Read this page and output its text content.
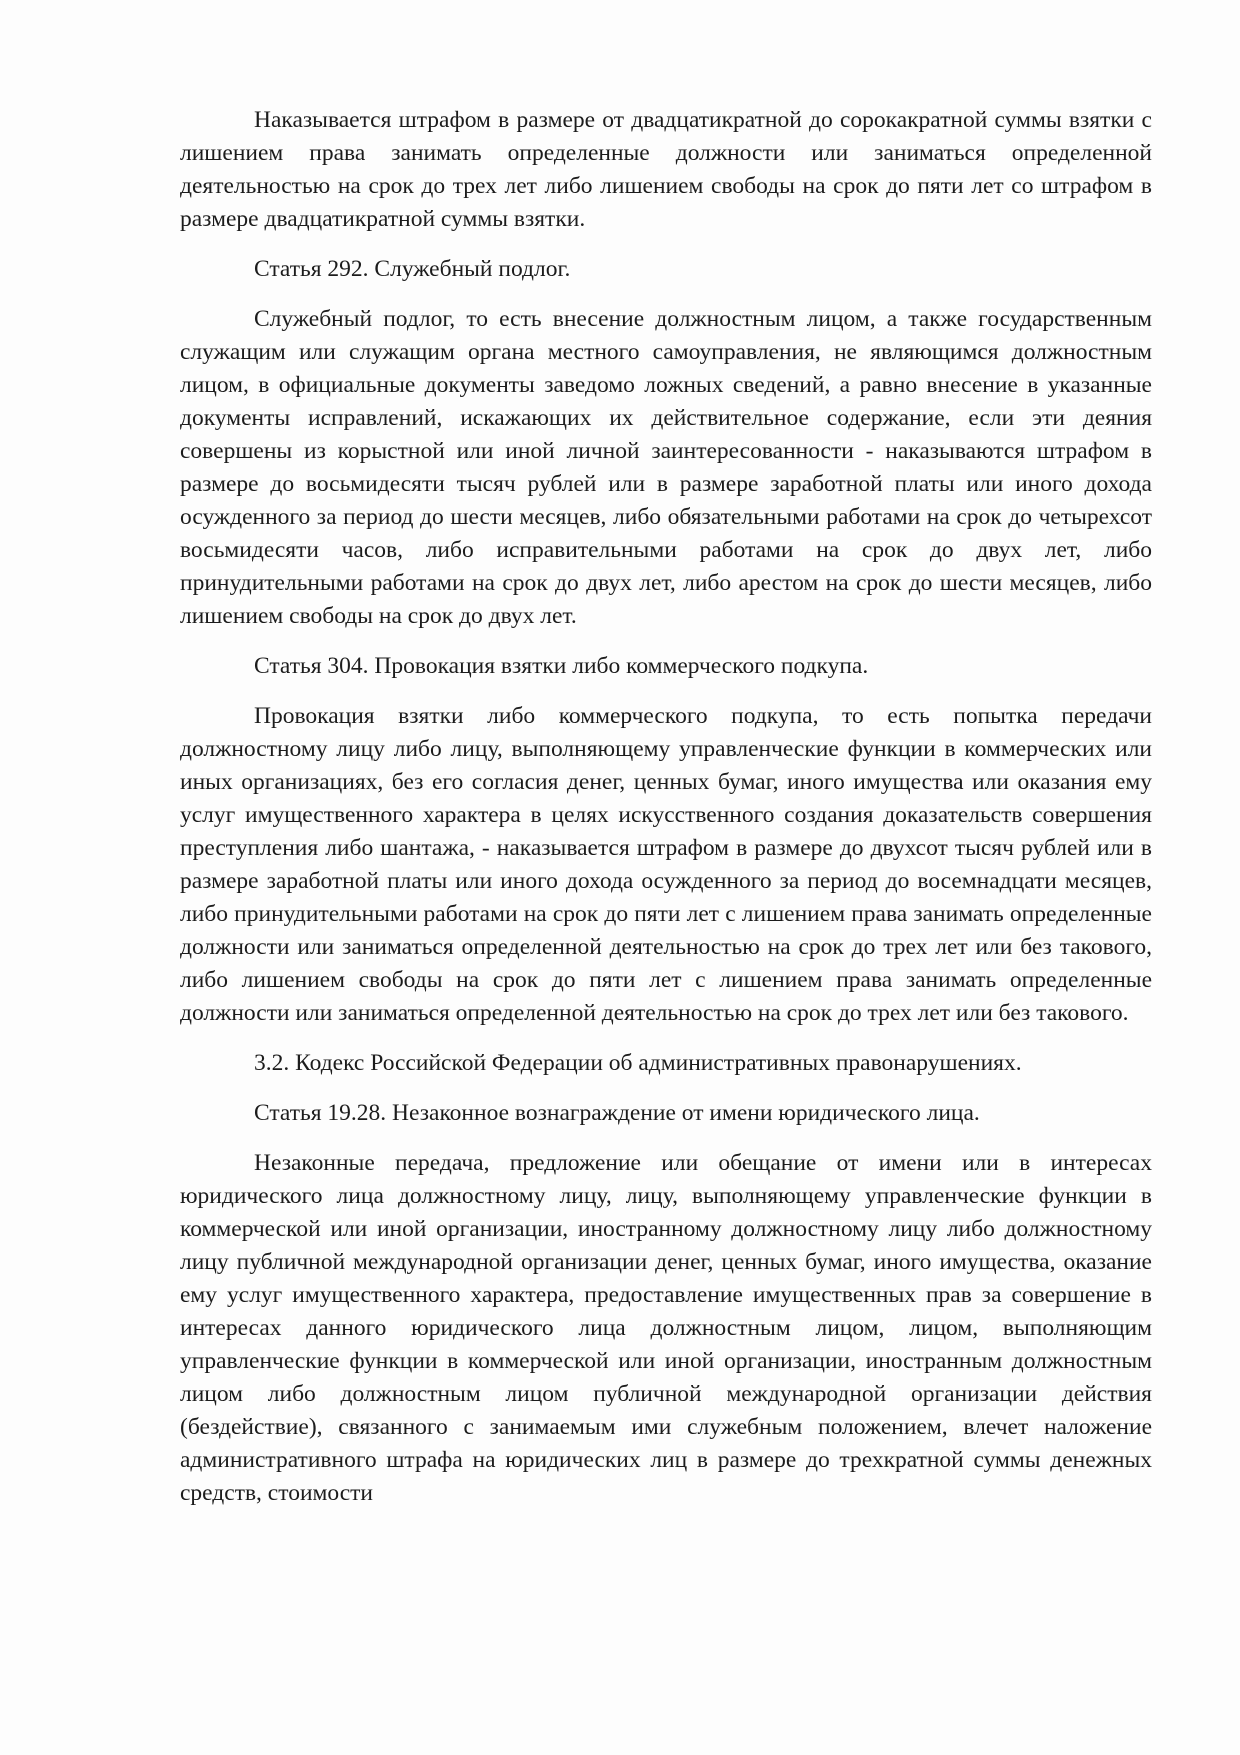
Наказывается штрафом в размере от двадцатикратной до сорокакратной суммы взятки с лишением права занимать определенные должности или заниматься определенной деятельностью на срок до трех лет либо лишением свободы на срок до пяти лет со штрафом в размере двадцатикратной суммы взятки.

Статья 292. Служебный подлог.

Служебный подлог, то есть внесение должностным лицом, а также государственным служащим или служащим органа местного самоуправления, не являющимся должностным лицом, в официальные документы заведомо ложных сведений, а равно внесение в указанные документы исправлений, искажающих их действительное содержание, если эти деяния совершены из корыстной или иной личной заинтересованности - наказываются штрафом в размере до восьмидесяти тысяч рублей или в размере заработной платы или иного дохода осужденного за период до шести месяцев, либо обязательными работами на срок до четырехсот восьмидесяти часов, либо исправительными работами на срок до двух лет, либо принудительными работами на срок до двух лет, либо арестом на срок до шести месяцев, либо лишением свободы на срок до двух лет.

Статья 304. Провокация взятки либо коммерческого подкупа.

Провокация взятки либо коммерческого подкупа, то есть попытка передачи должностному лицу либо лицу, выполняющему управленческие функции в коммерческих или иных организациях, без его согласия денег, ценных бумаг, иного имущества или оказания ему услуг имущественного характера в целях искусственного создания доказательств совершения преступления либо шантажа, - наказывается штрафом в размере до двухсот тысяч рублей или в размере заработной платы или иного дохода осужденного за период до восемнадцати месяцев, либо принудительными работами на срок до пяти лет с лишением права занимать определенные должности или заниматься определенной деятельностью на срок до трех лет или без такового, либо лишением свободы на срок до пяти лет с лишением права занимать определенные должности или заниматься определенной деятельностью на срок до трех лет или без такового.

3.2. Кодекс Российской Федерации об административных правонарушениях.

Статья 19.28. Незаконное вознаграждение от имени юридического лица.

Незаконные передача, предложение или обещание от имени или в интересах юридического лица должностному лицу, лицу, выполняющему управленческие функции в коммерческой или иной организации, иностранному должностному лицу либо должностному лицу публичной международной организации денег, ценных бумаг, иного имущества, оказание ему услуг имущественного характера, предоставление имущественных прав за совершение в интересах данного юридического лица должностным лицом, лицом, выполняющим управленческие функции в коммерческой или иной организации, иностранным должностным лицом либо должностным лицом публичной международной организации действия (бездействие), связанного с занимаемым ими служебным положением, влечет наложение административного штрафа на юридических лиц в размере до трехкратной суммы денежных средств, стоимости
